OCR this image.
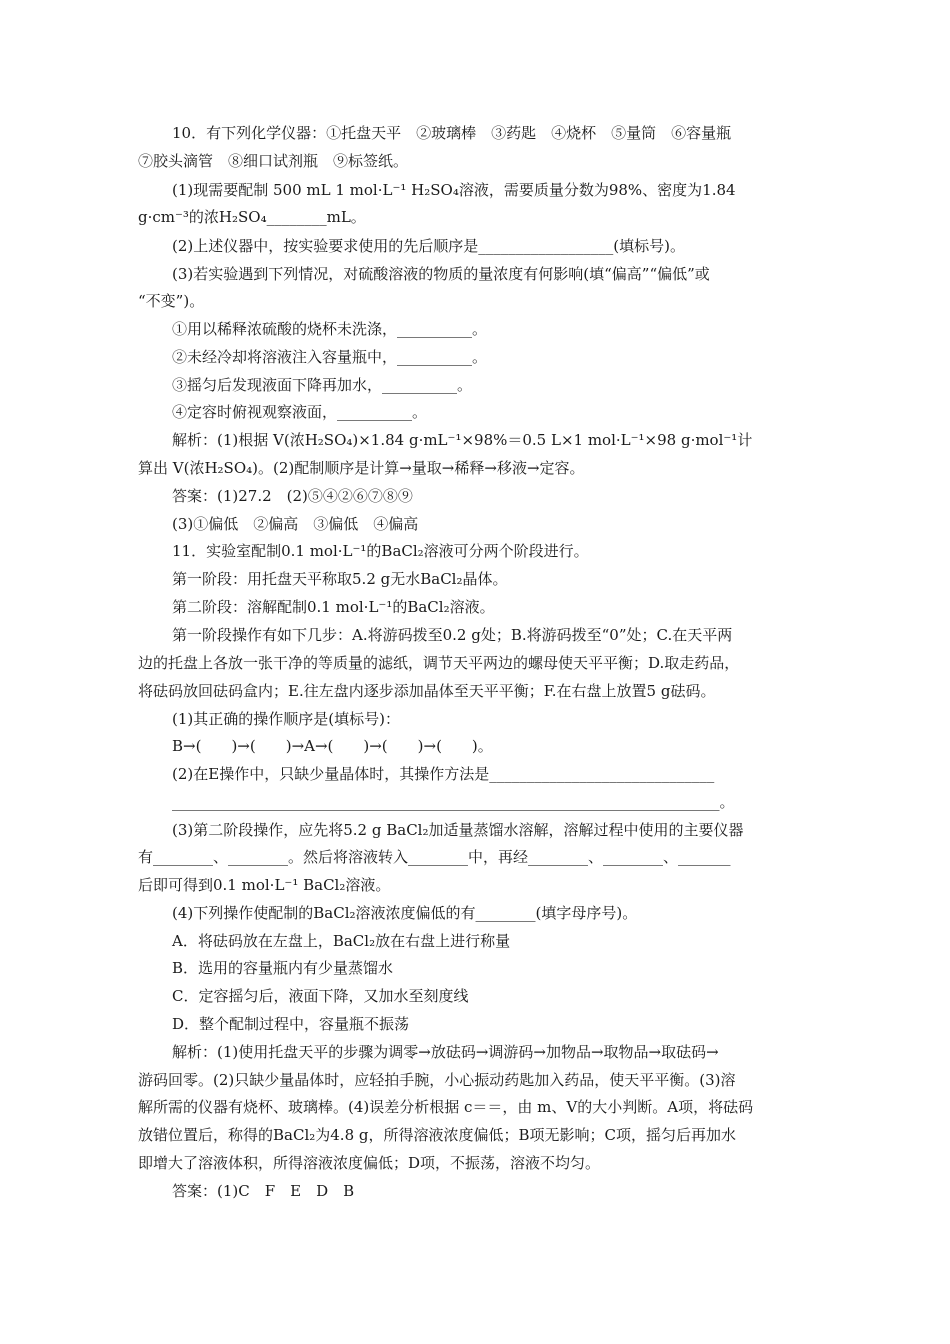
10．有下列化学仪器：①托盘天平　②玻璃棒　③药匙　④烧杯　⑤量筒　⑥容量瓶
⑦胶头滴管　⑧细口试剂瓶　⑨标签纸。
(1)现需要配制 500 mL 1 mol·L⁻¹ H₂SO₄溶液，需要质量分数为98%、密度为1.84
g·cm⁻³的浓H₂SO₄________mL。
(2)上述仪器中，按实验要求使用的先后顺序是__________________(填标号)。
(3)若实验遇到下列情况，对硫酸溶液的物质的量浓度有何影响(填“偏高”“偏低”或
“不变”)。
①用以稀释浓硫酸的烧杯未洗涤，__________。
②未经冷却将溶液注入容量瓶中，__________。
③摇匀后发现液面下降再加水，__________。
④定容时俯视观察液面，__________。
解析：(1)根据 V(浓H₂SO₄)×1.84 g·mL⁻¹×98%＝0.5 L×1 mol·L⁻¹×98 g·mol⁻¹计
算出 V(浓H₂SO₄)。(2)配制顺序是计算→量取→稀释→移液→定容。
答案：(1)27.2　(2)⑤④②⑥⑦⑧⑨
(3)①偏低　②偏高　③偏低　④偏高
11．实验室配制0.1 mol·L⁻¹的BaCl₂溶液可分两个阶段进行。
第一阶段：用托盘天平称取5.2 g无水BaCl₂晶体。
第二阶段：溶解配制0.1 mol·L⁻¹的BaCl₂溶液。
第一阶段操作有如下几步：A.将游码拨至0.2 g处；B.将游码拨至“0”处；C.在天平两
边的托盘上各放一张干净的等质量的滤纸，调节天平两边的螺母使天平平衡；D.取走药品，
将砝码放回砝码盒内；E.往左盘内逐步添加晶体至天平平衡；F.在右盘上放置5 g砝码。
(1)其正确的操作顺序是(填标号)：
B→(　　)→(　　)→A→(　　)→(　　)→(　　)。
(2)在E操作中，只缺少量晶体时，其操作方法是______________________________
_________________________________________________________________________。
(3)第二阶段操作，应先将5.2 g BaCl₂加适量蒸馏水溶解，溶解过程中使用的主要仪器
有________、________。然后将溶液转入________中，再经________、________、_______
后即可得到0.1 mol·L⁻¹ BaCl₂溶液。
(4)下列操作使配制的BaCl₂溶液浓度偏低的有________(填字母序号)。
A．将砝码放在左盘上，BaCl₂放在右盘上进行称量
B．选用的容量瓶内有少量蒸馏水
C．定容摇匀后，液面下降，又加水至刻度线
D．整个配制过程中，容量瓶不振荡
解析：(1)使用托盘天平的步骤为调零→放砝码→调游码→加物品→取物品→取砝码→
游码回零。(2)只缺少量晶体时，应轻拍手腕，小心振动药匙加入药品，使天平平衡。(3)溶
解所需的仪器有烧杯、玻璃棒。(4)误差分析根据 c＝＝，由 m、V的大小判断。A项，将砝码
放错位置后，称得的BaCl₂为4.8 g，所得溶液浓度偏低；B项无影响；C项，摇匀后再加水
即增大了溶液体积，所得溶液浓度偏低；D项，不振荡，溶液不均匀。
答案：(1)C　F　E　D　B
